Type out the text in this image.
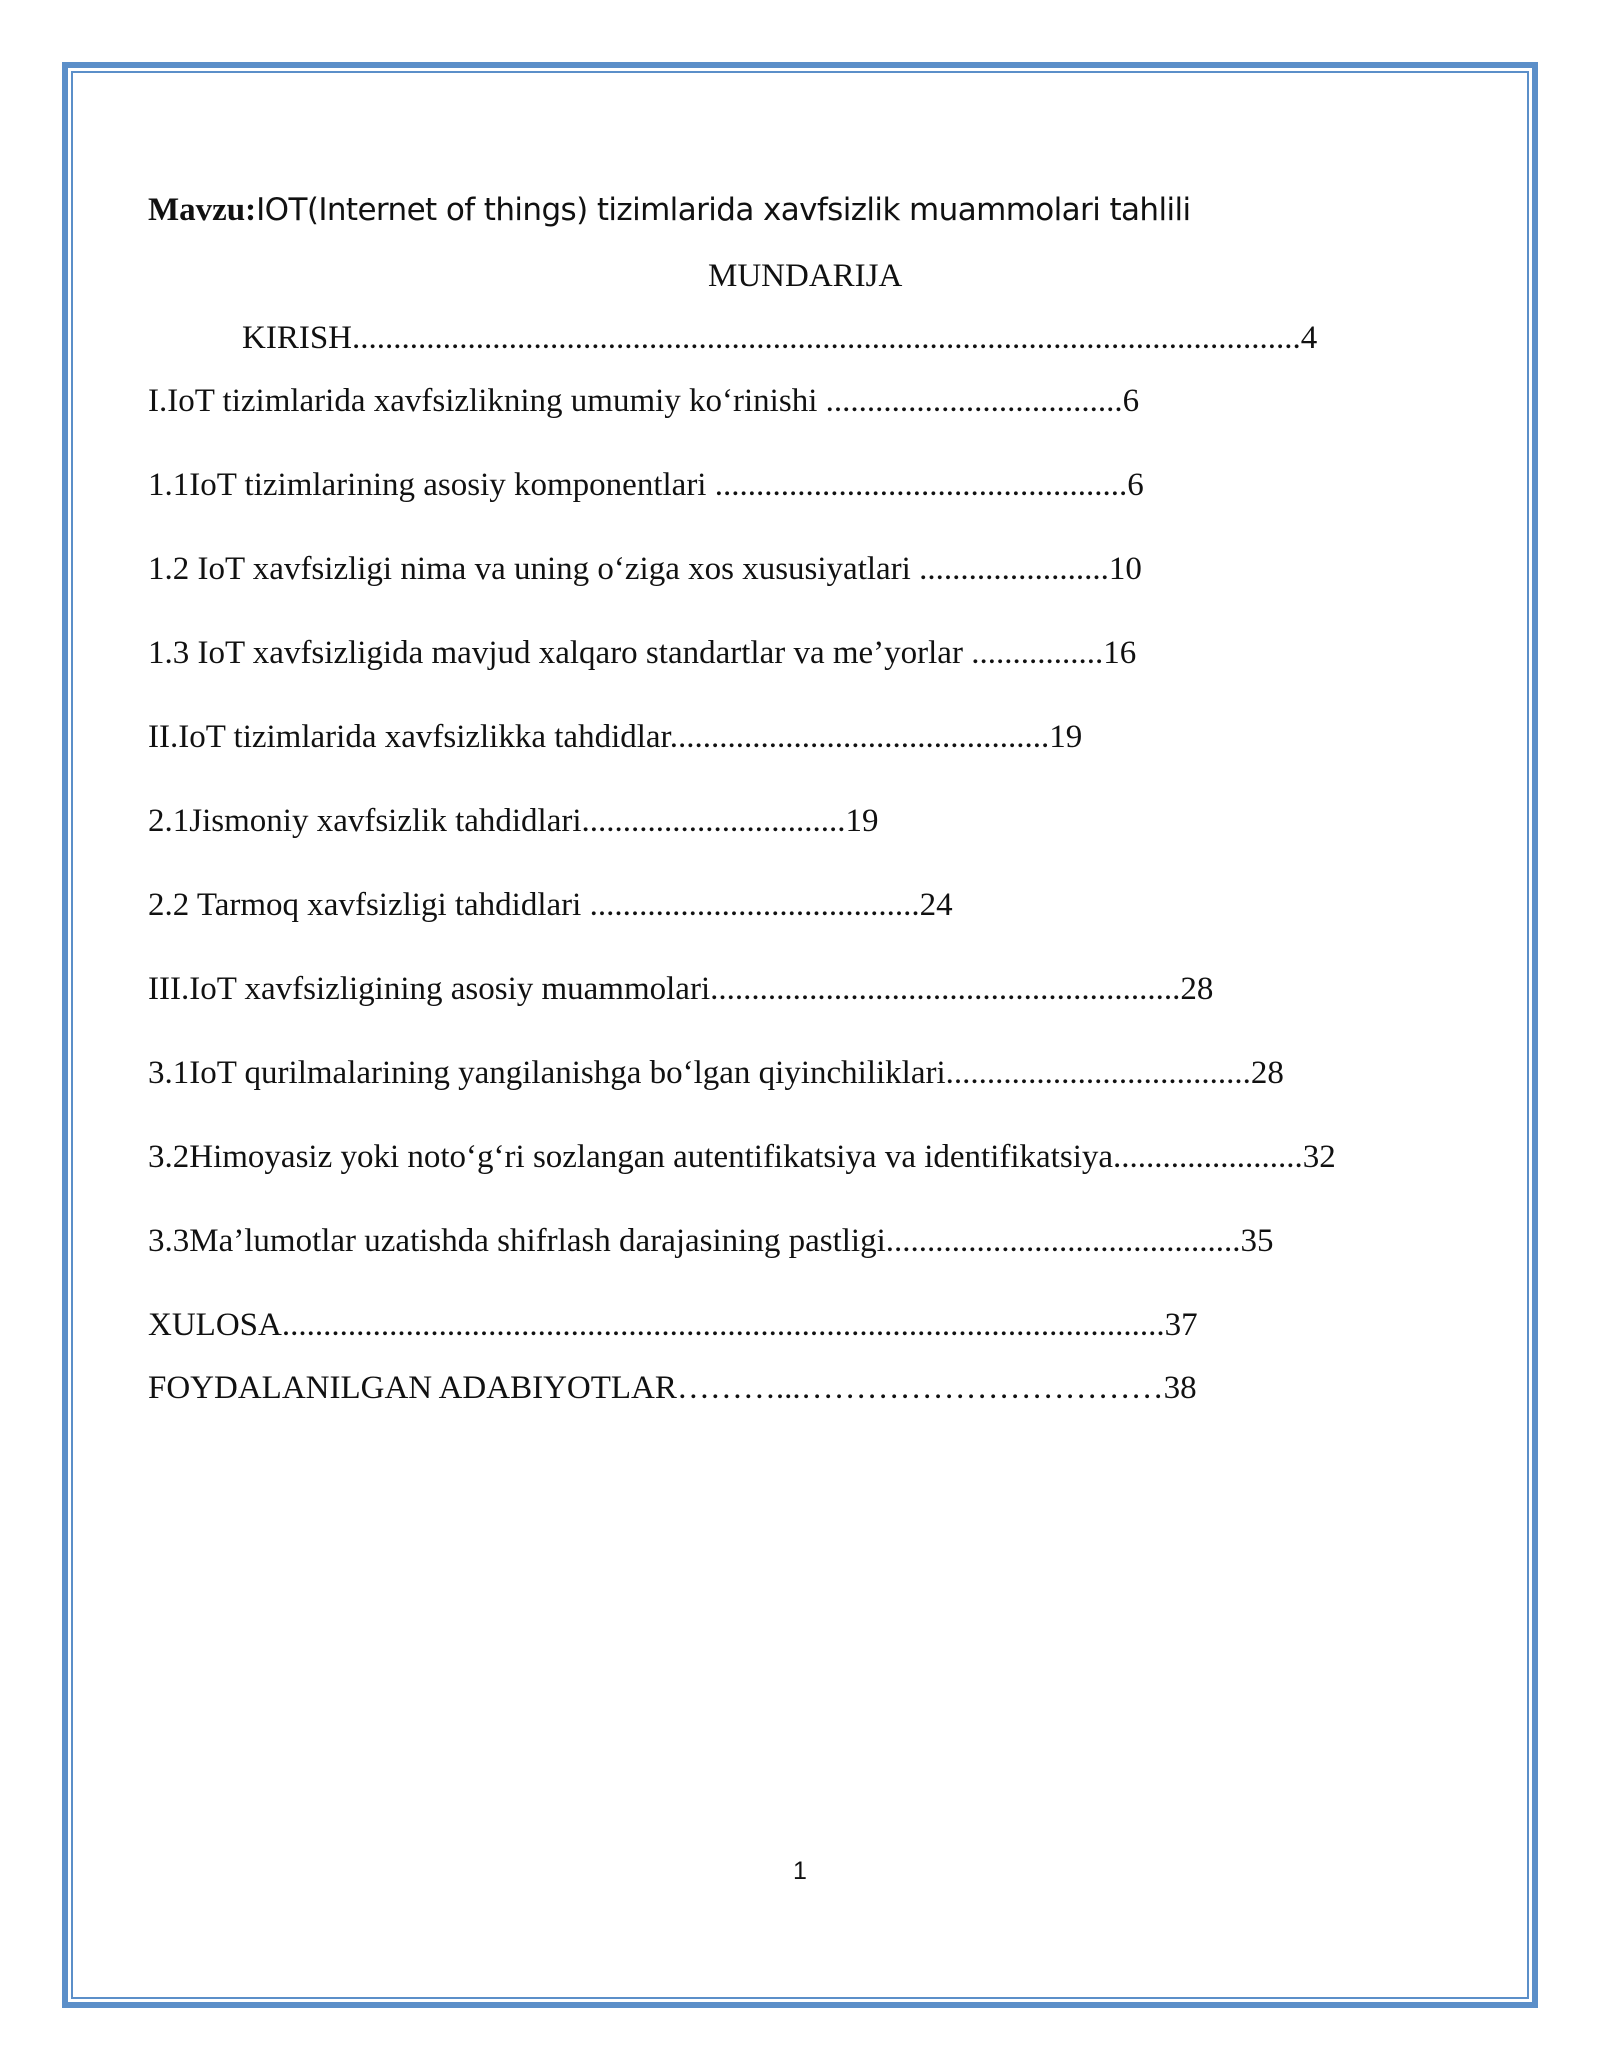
Mavzu:IOT(Internet of things) tizimlarida xavfsizlik muammolari tahlili
MUNDARIJA
KIRISH...................................................................................................................4
I.IoT tizimlarida xavfsizlikning umumiy ko‘rinishi ....................................6
1.1IoT tizimlarining asosiy komponentlari ..................................................6
1.2 IoT xavfsizligi nima va uning o‘ziga xos xususiyatlari .......................10
1.3 IoT xavfsizligida mavjud xalqaro standartlar va me’yorlar ................16
II.IoT tizimlarida xavfsizlikka tahdidlar..............................................19
2.1Jismoniy xavfsizlik tahdidlari................................19
2.2 Tarmoq xavfsizligi tahdidlari ........................................24
III.IoT xavfsizligining asosiy muammolari.........................................................28
3.1IoT qurilmalarining yangilanishga bo‘lgan qiyinchiliklari.....................................28
3.2Himoyasiz yoki noto‘g‘ri sozlangan autentifikatsiya va identifikatsiya.......................32
3.3Ma’lumotlar uzatishda shifrlash darajasining pastligi...........................................35
XULOSA...........................................................................................................37
FOYDALANILGAN ADABIYOTLAR………...……………………………38
1
